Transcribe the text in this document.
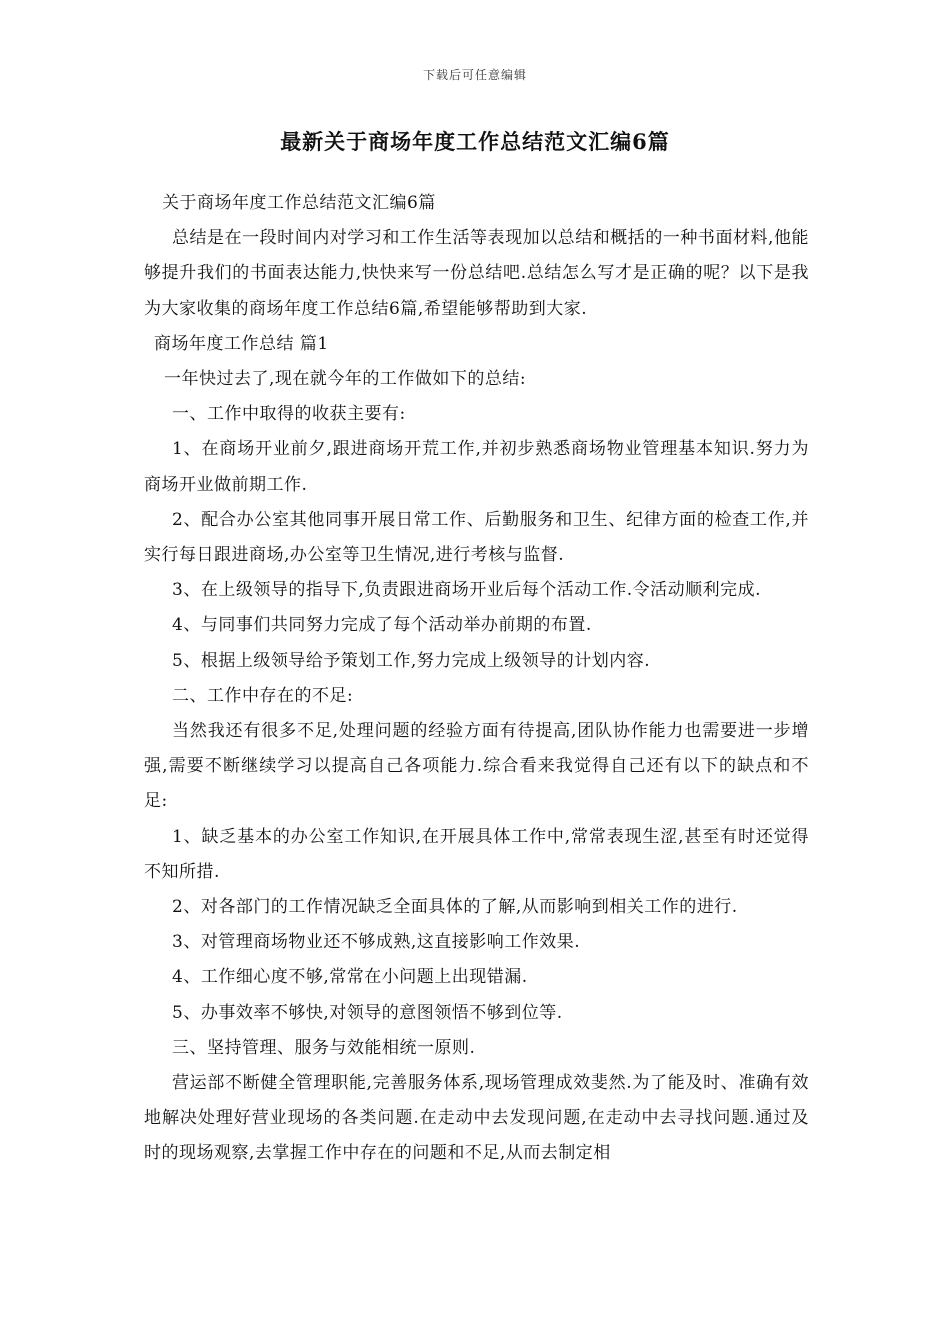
下载后可任意编辑
最新关于商场年度工作总结范文汇编6篇

关于商场年度工作总结范文汇编6篇

总结是在一段时间内对学习和工作生活等表现加以总结和概括的一种书面材料,他能够提升我们的书面表达能力,快快来写一份总结吧.总结怎么写才是正确的呢？以下是我为大家收集的商场年度工作总结6篇,希望能够帮助到大家.

商场年度工作总结 篇1

一年快过去了,现在就今年的工作做如下的总结:

一、工作中取得的收获主要有:

1、在商场开业前夕,跟进商场开荒工作,并初步熟悉商场物业管理基本知识.努力为商场开业做前期工作.

2、配合办公室其他同事开展日常工作、后勤服务和卫生、纪律方面的检查工作,并实行每日跟进商场,办公室等卫生情况,进行考核与监督.

3、在上级领导的指导下,负责跟进商场开业后每个活动工作.令活动顺利完成.

4、与同事们共同努力完成了每个活动举办前期的布置.

5、根据上级领导给予策划工作,努力完成上级领导的计划内容.

二、工作中存在的不足:

当然我还有很多不足,处理问题的经验方面有待提高,团队协作能力也需要进一步增强,需要不断继续学习以提高自己各项能力.综合看来我觉得自己还有以下的缺点和不足:

1、缺乏基本的办公室工作知识,在开展具体工作中,常常表现生涩,甚至有时还觉得不知所措.

2、对各部门的工作情况缺乏全面具体的了解,从而影响到相关工作的进行.

3、对管理商场物业还不够成熟,这直接影响工作效果.

4、工作细心度不够,常常在小问题上出现错漏.

5、办事效率不够快,对领导的意图领悟不够到位等.

三、坚持管理、服务与效能相统一原则.

营运部不断健全管理职能,完善服务体系,现场管理成效斐然.为了能及时、准确有效地解决处理好营业现场的各类问题.在走动中去发现问题,在走动中去寻找问题.通过及时的现场观察,去掌握工作中存在的问题和不足,从而去制定相
